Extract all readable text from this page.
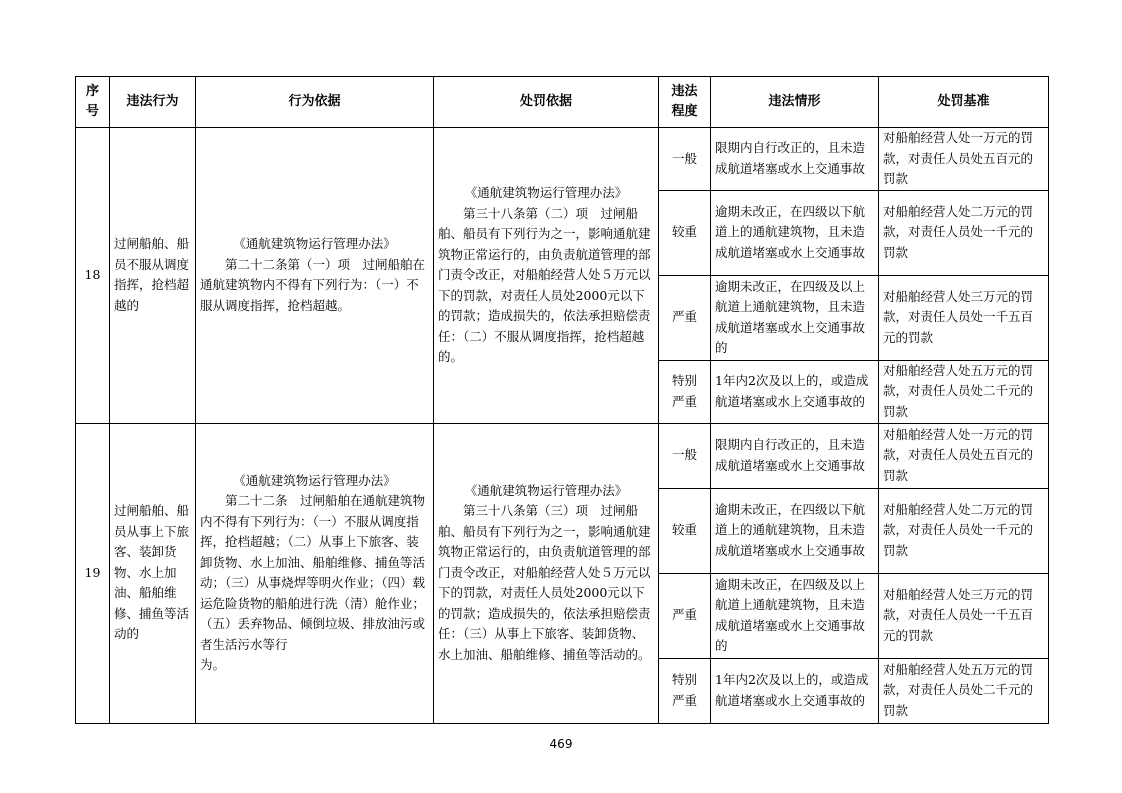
序号	违法行为	行为依据	处罚依据	违法程度	违法情形	处罚基准
18	过闸船舶、船员不服从调度指挥，抢档超越的	《通航建筑物运行管理办法》
第二十二条第（一）项　过闸船舶在通航建筑物内不得有下列行为：（一）不服从调度指挥，抢档超越。	《通航建筑物运行管理办法》
第三十八条第（二）项　过闸船舶、船员有下列行为之一，影响通航建筑物正常运行的，由负责航道管理的部门责令改正，对船舶经营人处５万元以下的罚款，对责任人员处2000元以下的罚款；造成损失的，依法承担赔偿责任：（二）不服从调度指挥，抢档超越的。	一般	限期内自行改正的，且未造成航道堵塞或水上交通事故	对船舶经营人处一万元的罚款，对责任人员处五百元的罚款
				较重	逾期未改正，在四级以下航道上的通航建筑物，且未造成航道堵塞或水上交通事故	对船舶经营人处二万元的罚款，对责任人员处一千元的罚款
				严重	逾期未改正，在四级及以上航道上通航建筑物，且未造成航道堵塞或水上交通事故的	对船舶经营人处三万元的罚款，对责任人员处一千五百元的罚款
				特别严重	1年内2次及以上的，或造成航道堵塞或水上交通事故的	对船舶经营人处五万元的罚款，对责任人员处二千元的罚款
19	过闸船舶、船员从事上下旅客、装卸货物、水上加油、船舶维修、捕鱼等活动的	《通航建筑物运行管理办法》
第二十二条　过闸船舶在通航建筑物内不得有下列行为：（一）不服从调度指挥，抢档超越；（二）从事上下旅客、装卸货物、水上加油、船舶维修、捕鱼等活动；（三）从事烧焊等明火作业；（四）载运危险货物的船舶进行洗（清）舱作业；（五）丢弃物品、倾倒垃圾、排放油污或者生活污水等行
为。	《通航建筑物运行管理办法》
第三十八条第（三）项　过闸船舶、船员有下列行为之一，影响通航建筑物正常运行的，由负责航道管理的部门责令改正，对船舶经营人处５万元以下的罚款，对责任人员处2000元以下的罚款；造成损失的，依法承担赔偿责任：（三）从事上下旅客、装卸货物、水上加油、船舶维修、捕鱼等活动的。	一般	限期内自行改正的，且未造成航道堵塞或水上交通事故	对船舶经营人处一万元的罚款，对责任人员处五百元的罚款
				较重	逾期未改正，在四级以下航道上的通航建筑物，且未造成航道堵塞或水上交通事故	对船舶经营人处二万元的罚款，对责任人员处一千元的罚款
				严重	逾期未改正，在四级及以上航道上通航建筑物，且未造成航道堵塞或水上交通事故的	对船舶经营人处三万元的罚款，对责任人员处一千五百元的罚款
				特别严重	1年内2次及以上的，或造成航道堵塞或水上交通事故的	对船舶经营人处五万元的罚款，对责任人员处二千元的罚款
469
